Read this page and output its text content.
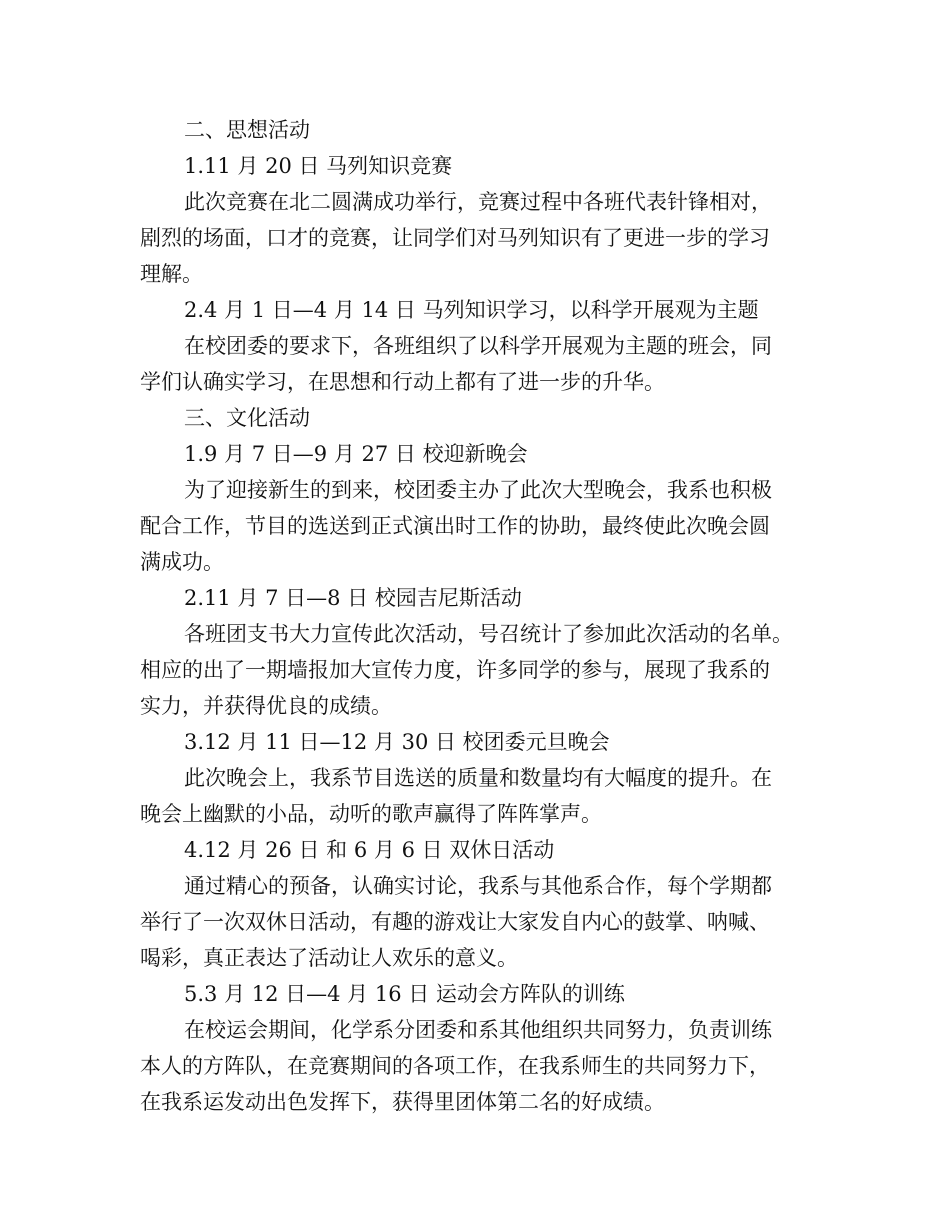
二、思想活动
1.11 月 20 日 马列知识竞赛
此次竞赛在北二圆满成功举行，竞赛过程中各班代表针锋相对，
剧烈的场面，口才的竞赛，让同学们对马列知识有了更进一步的学习
理解。
2.4 月 1 日—4 月 14 日 马列知识学习，以科学开展观为主题
在校团委的要求下，各班组织了以科学开展观为主题的班会，同
学们认确实学习，在思想和行动上都有了进一步的升华。
三、文化活动
1.9 月 7 日—9 月 27 日 校迎新晚会
为了迎接新生的到来，校团委主办了此次大型晚会，我系也积极
配合工作，节目的选送到正式演出时工作的协助，最终使此次晚会圆
满成功。
2.11 月 7 日—8 日 校园吉尼斯活动
各班团支书大力宣传此次活动，号召统计了参加此次活动的名单。
相应的出了一期墙报加大宣传力度，许多同学的参与，展现了我系的
实力，并获得优良的成绩。
3.12 月 11 日—12 月 30 日 校团委元旦晚会
此次晚会上，我系节目选送的质量和数量均有大幅度的提升。在
晚会上幽默的小品，动听的歌声赢得了阵阵掌声。
4.12 月 26 日 和 6 月 6 日 双休日活动
通过精心的预备，认确实讨论，我系与其他系合作，每个学期都
举行了一次双休日活动，有趣的游戏让大家发自内心的鼓掌、呐喊、
喝彩，真正表达了活动让人欢乐的意义。
5.3 月 12 日—4 月 16 日 运动会方阵队的训练
在校运会期间，化学系分团委和系其他组织共同努力，负责训练
本人的方阵队，在竞赛期间的各项工作，在我系师生的共同努力下，
在我系运发动出色发挥下，获得里团体第二名的好成绩。
